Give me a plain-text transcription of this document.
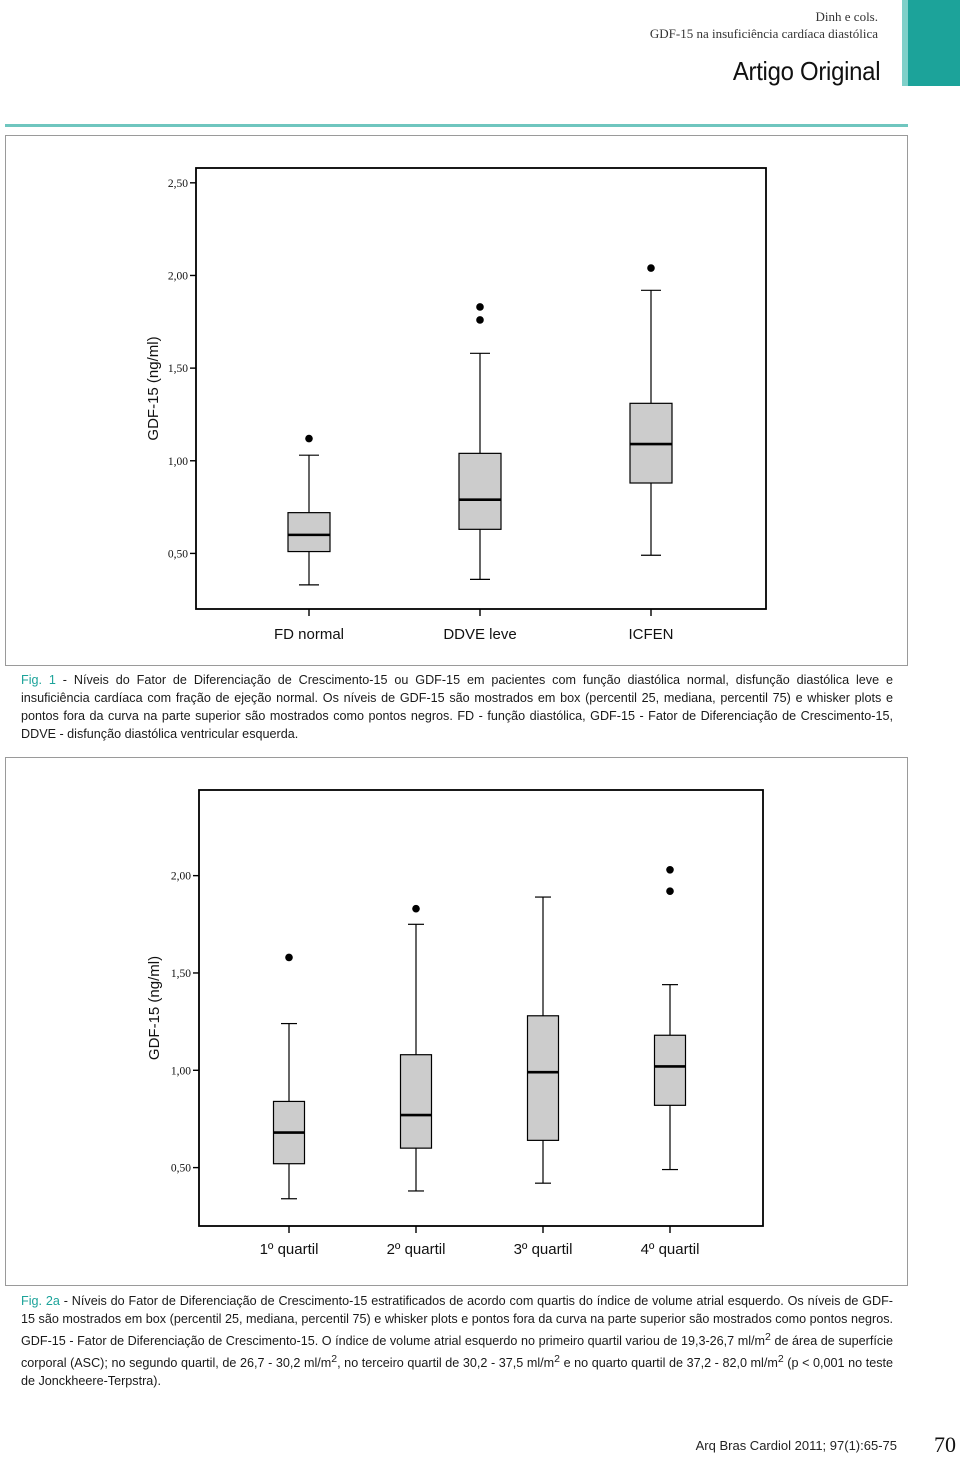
Dinh e cols.
GDF-15 na insuficiência cardíaca diastólica
Artigo Original
0,50
1,00
1,50
2,00
2,50
GDF-15 (ng/ml)
FD normal	DDVE leve	ICFEN
Fig. 1 - Níveis do Fator de Diferenciação de Crescimento-15 ou GDF-15 em pacientes com função diastólica normal, disfunção diastólica leve e insuficiência cardíaca com fração de ejeção normal. Os níveis de GDF-15 são mostrados em box (percentil 25, mediana, percentil 75) e whisker plots e pontos fora da curva na parte superior são mostrados como pontos negros. FD - função diastólica, GDF-15 - Fator de Diferenciação de Crescimento-15, DDVE - disfunção diastólica ventricular esquerda.
0,50
1,00
1,50
2,00
GDF-15 (ng/ml)
1º quartil	2º quartil	3º quartil	4º quartil
Fig. 2a - Níveis do Fator de Diferenciação de Crescimento-15 estratificados de acordo com quartis do índice de volume atrial esquerdo. Os níveis de GDF-15 são mostrados em box (percentil 25, mediana, percentil 75) e whisker plots e pontos fora da curva na parte superior são mostrados como pontos negros. GDF-15 - Fator de Diferenciação de Crescimento-15. O índice de volume atrial esquerdo no primeiro quartil variou de 19,3-26,7 $ml/m^2$ de área de superfície corporal (ASC); no segundo quartil, de 26,7 - 30,2 $ml/m^2$, no terceiro quartil de 30,2 - 37,5 $ml/m^2$ e no quarto quartil de 37,2 - 82,0 $ml/m^2$ (p < 0,001 no teste de Jonckheere-Terpstra).
Arq Bras Cardiol 2011; 97(1):65-75 70
